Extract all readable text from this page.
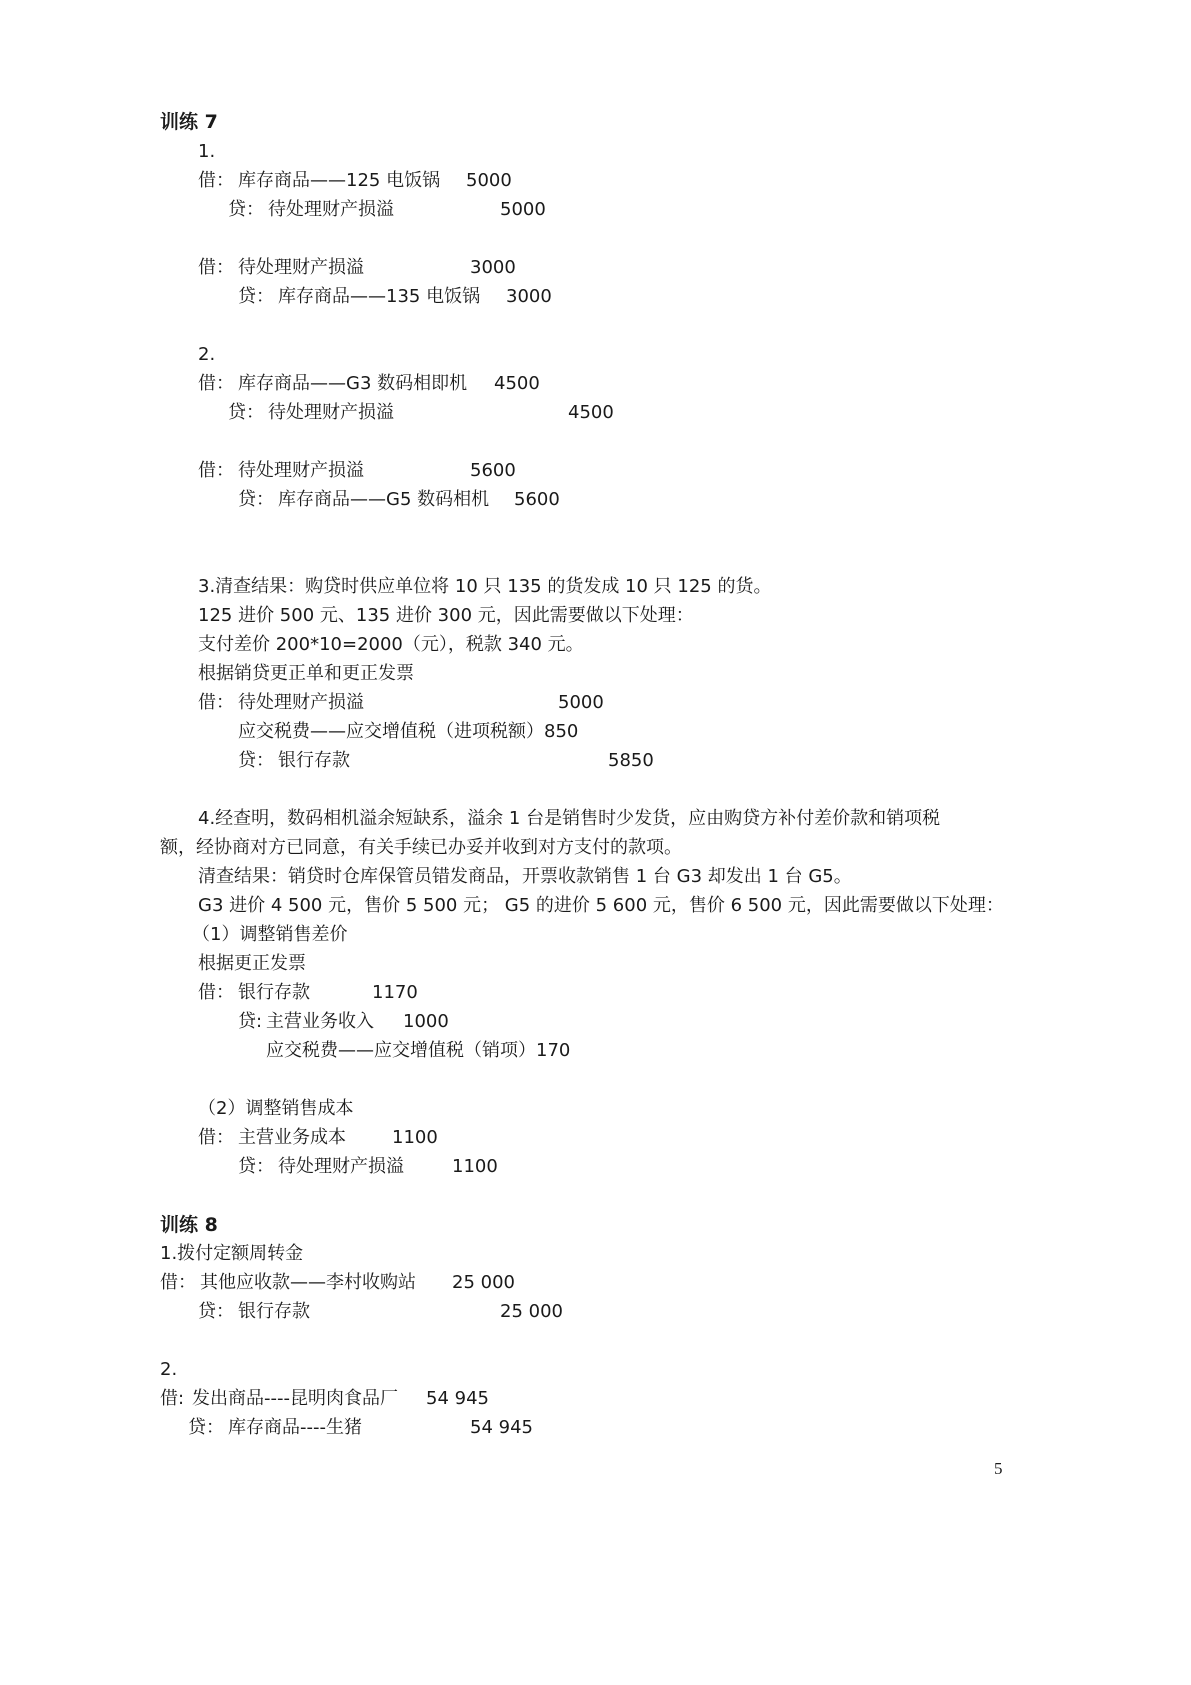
训练 7
1.
借： 库存商品——125 电饭锅 5000
贷： 待处理财产损溢	5000
借： 待处理财产损溢	3000
贷： 库存商品——135 电饭锅 3000
2.
借： 库存商品——G3 数码相即机 4500
贷： 待处理财产损溢	4500
借： 待处理财产损溢	5600
贷： 库存商品——G5 数码相机 5600
3.清查结果：购贷时供应单位将 10 只 135 的货发成 10 只 125 的货。
125 进价 500 元、135 进价 300 元，因此需要做以下处理：
支付差价 200*10=2000（元），税款 340 元。
根据销贷更正单和更正发票
借： 待处理财产损溢	5000
应交税费——应交增值税（进项税额）850
贷： 银行存款	5850
4.经查明，数码相机溢余短缺系，溢余 1 台是销售时少发货，应由购贷方补付差价款和销项税
额，经协商对方已同意，有关手续已办妥并收到对方支付的款项。
清查结果：销贷时仓库保管员错发商品，开票收款销售 1 台 G3 却发出 1 台 G5。
G3 进价 4 500 元，售价 5 500 元； G5 的进价 5 600 元，售价 6 500 元，因此需要做以下处理：
（1）调整销售差价
根据更正发票
借： 银行存款	1170
贷: 主营业务收入 1000
应交税费——应交增值税（销项）170
（2）调整销售成本
借： 主营业务成本	1100
贷： 待处理财产损溢	1100
训练 8
1.拨付定额周转金
借： 其他应收款——李村收购站 25 000
贷： 银行存款	25 000
2.
借: 发出商品----昆明肉食品厂 54 945
贷： 库存商品----生猪	54 945
5
